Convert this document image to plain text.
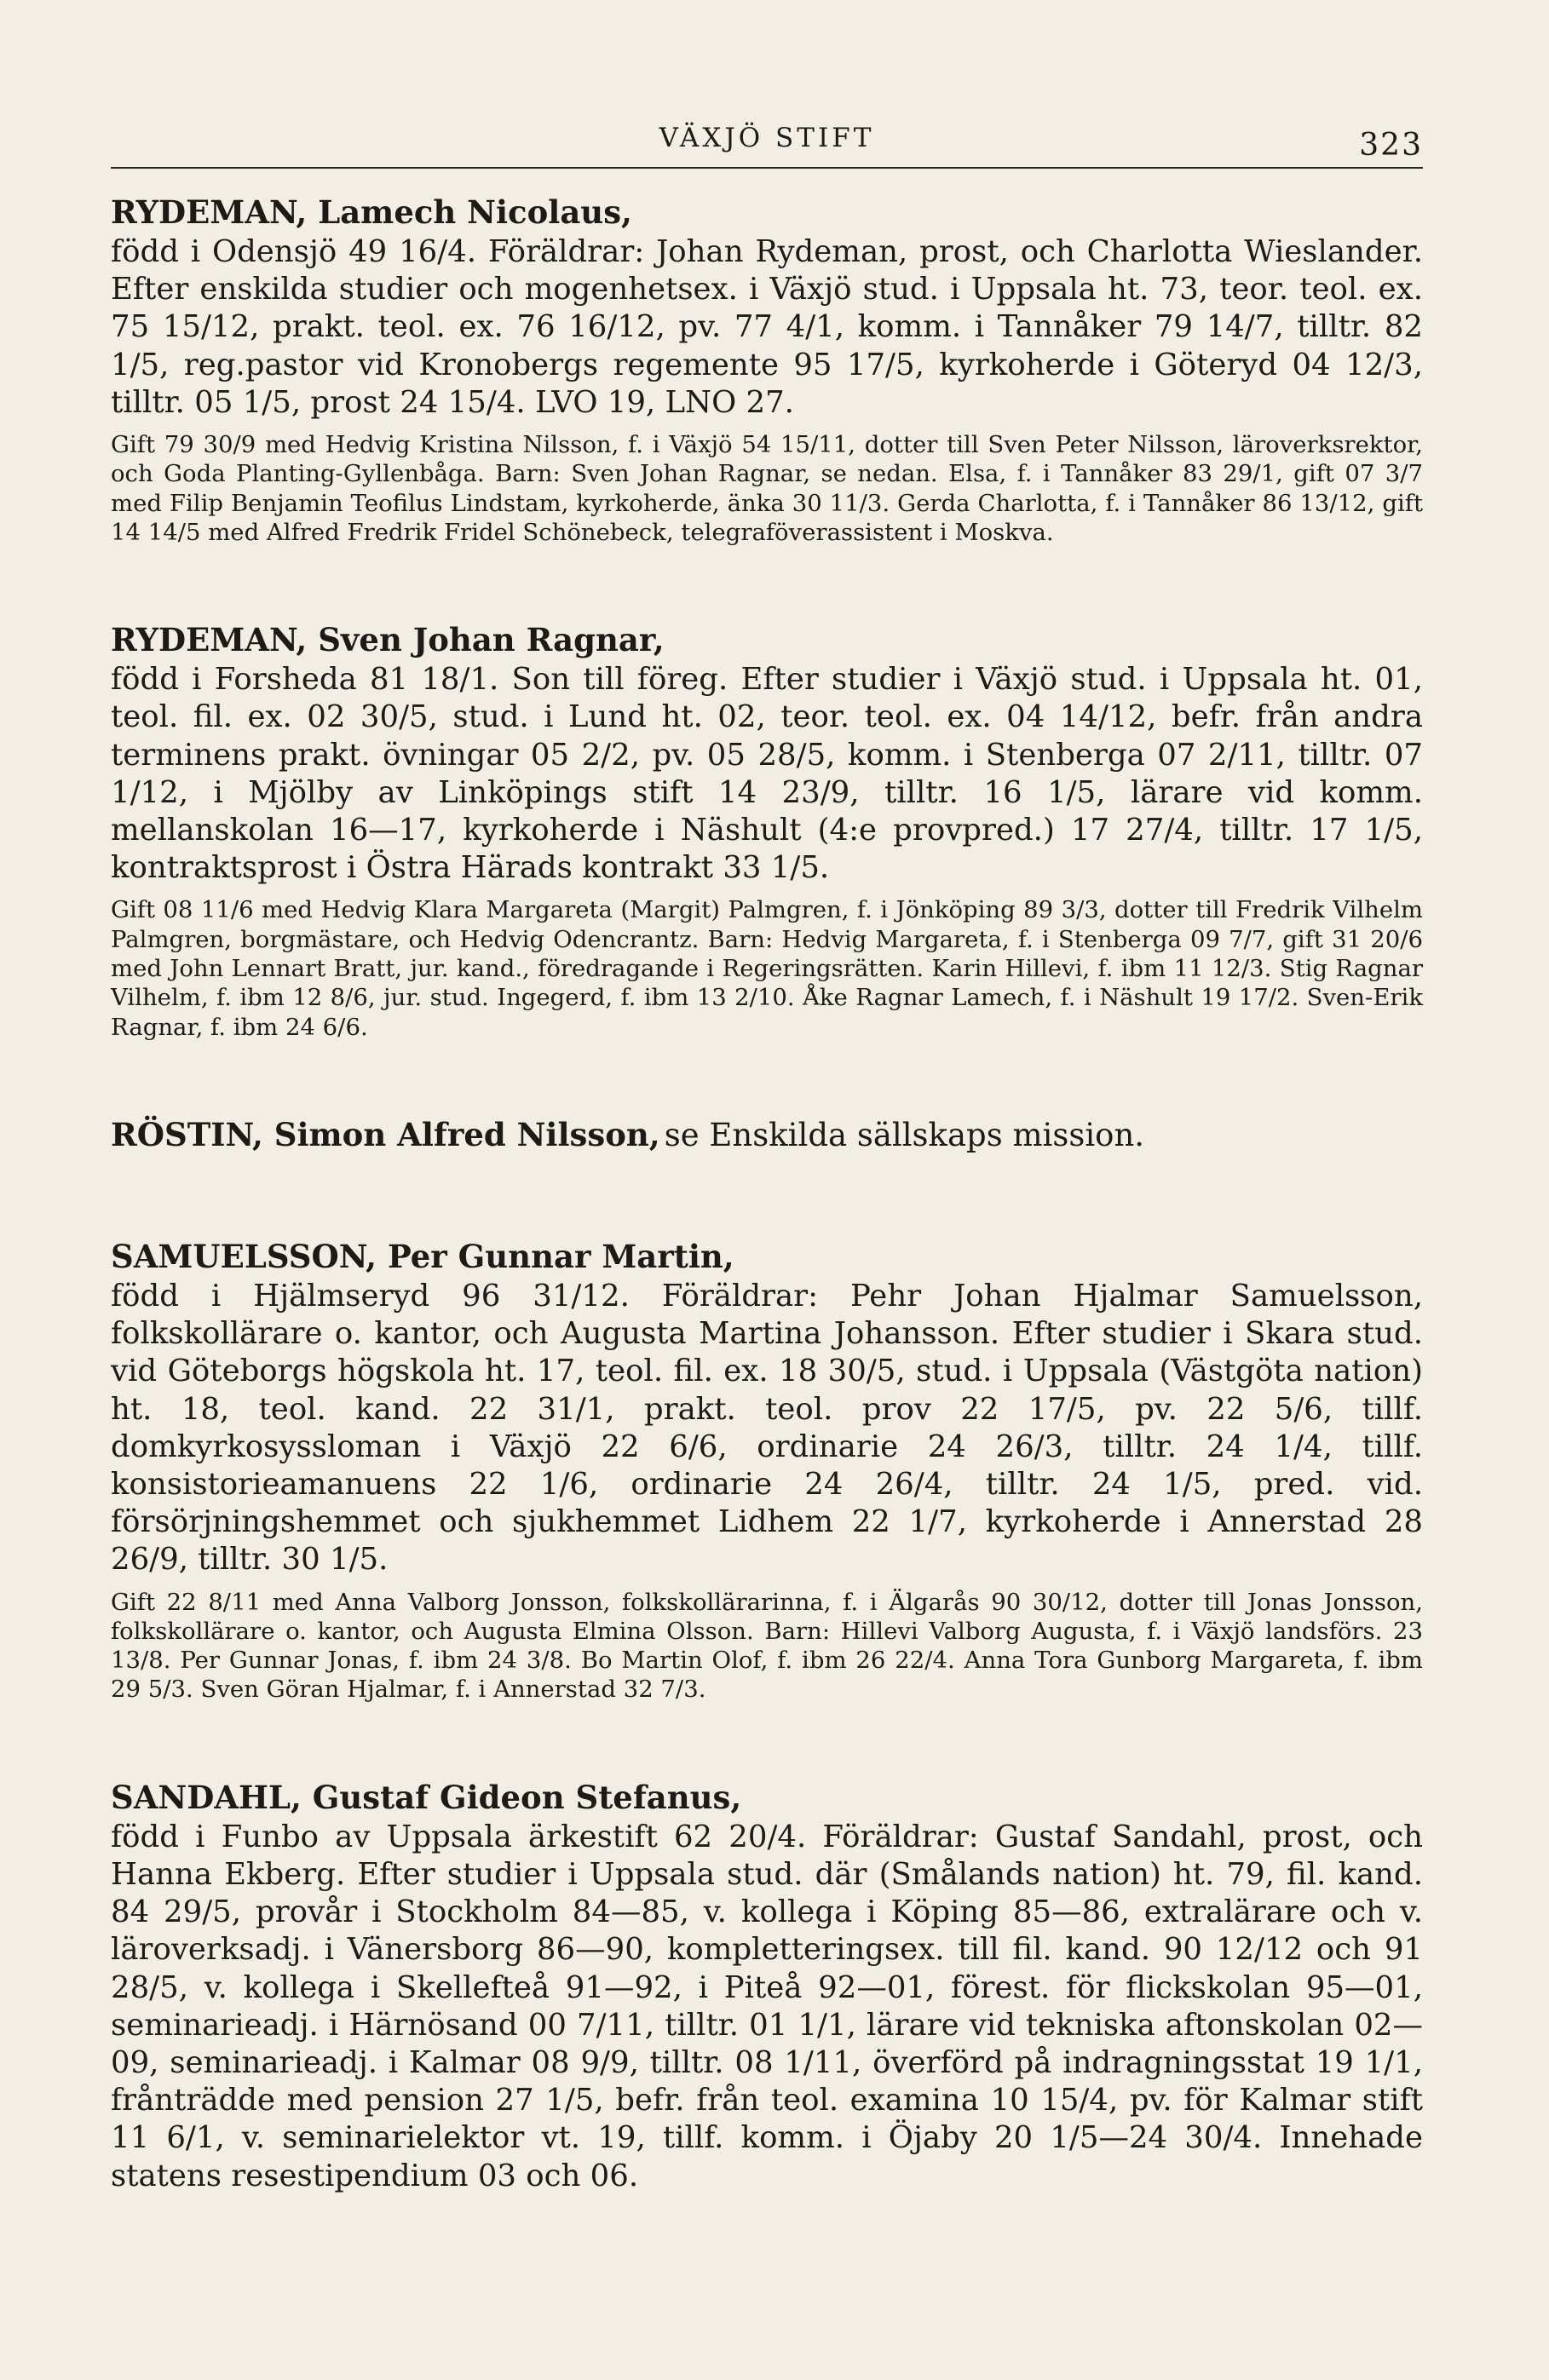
VÄXJÖ STIFT	323
RYDEMAN, Lamech Nicolaus,
född i Odensjö 49 16/4. Föräldrar: Johan Rydeman, prost, och Charlotta Wieslander. Efter enskilda studier och mogenhetsex. i Växjö stud. i Uppsala ht. 73, teor. teol. ex. 75 15/12, prakt. teol. ex. 76 16/12, pv. 77 4/1, komm. i Tannåker 79 14/7, tilltr. 82 1/5, reg.pastor vid Kronobergs regemente 95 17/5, kyrkoherde i Göteryd 04 12/3, tilltr. 05 1/5, prost 24 15/4. LVO 19, LNO 27.
Gift 79 30/9 med Hedvig Kristina Nilsson, f. i Växjö 54 15/11, dotter till Sven Peter Nilsson, läroverksrektor, och Goda Planting-Gyllenbåga. Barn: Sven Johan Ragnar, se nedan. Elsa, f. i Tannåker 83 29/1, gift 07 3/7 med Filip Benjamin Teofilus Lindstam, kyrkoherde, änka 30 11/3. Gerda Charlotta, f. i Tannåker 86 13/12, gift 14 14/5 med Alfred Fredrik Fridel Schönebeck, telegraföverassistent i Moskva.
RYDEMAN, Sven Johan Ragnar,
född i Forsheda 81 18/1. Son till föreg. Efter studier i Växjö stud. i Uppsala ht. 01, teol. fil. ex. 02 30/5, stud. i Lund ht. 02, teor. teol. ex. 04 14/12, befr. från andra terminens prakt. övningar 05 2/2, pv. 05 28/5, komm. i Stenberga 07 2/11, tilltr. 07 1/12, i Mjölby av Linköpings stift 14 23/9, tilltr. 16 1/5, lärare vid komm. mellanskolan 16—17, kyrkoherde i Näshult (4:e provpred.) 17 27/4, tilltr. 17 1/5, kontraktsprost i Östra Härads kontrakt 33 1/5.
Gift 08 11/6 med Hedvig Klara Margareta (Margit) Palmgren, f. i Jönköping 89 3/3, dotter till Fredrik Vilhelm Palmgren, borgmästare, och Hedvig Odencrantz. Barn: Hedvig Margareta, f. i Stenberga 09 7/7, gift 31 20/6 med John Lennart Bratt, jur. kand., föredragande i Regeringsrätten. Karin Hillevi, f. ibm 11 12/3. Stig Ragnar Vilhelm, f. ibm 12 8/6, jur. stud. Ingegerd, f. ibm 13 2/10. Åke Ragnar Lamech, f. i Näshult 19 17/2. Sven-Erik Ragnar, f. ibm 24 6/6.
RÖSTIN, Simon Alfred Nilsson, se Enskilda sällskaps mission.
SAMUELSSON, Per Gunnar Martin,
född i Hjälmseryd 96 31/12. Föräldrar: Pehr Johan Hjalmar Samuelsson, folkskollärare o. kantor, och Augusta Martina Johansson. Efter studier i Skara stud. vid Göteborgs högskola ht. 17, teol. fil. ex. 18 30/5, stud. i Uppsala (Västgöta nation) ht. 18, teol. kand. 22 31/1, prakt. teol. prov 22 17/5, pv. 22 5/6, tillf. domkyrkosyssloman i Växjö 22 6/6, ordinarie 24 26/3, tilltr. 24 1/4, tillf. konsistorieamanuens 22 1/6, ordinarie 24 26/4, tilltr. 24 1/5, pred. vid. försörjningshemmet och sjukhemmet Lidhem 22 1/7, kyrkoherde i Annerstad 28 26/9, tilltr. 30 1/5.
Gift 22 8/11 med Anna Valborg Jonsson, folkskollärarinna, f. i Älgarås 90 30/12, dotter till Jonas Jonsson, folkskollärare o. kantor, och Augusta Elmina Olsson. Barn: Hillevi Valborg Augusta, f. i Växjö landsförs. 23 13/8. Per Gunnar Jonas, f. ibm 24 3/8. Bo Martin Olof, f. ibm 26 22/4. Anna Tora Gunborg Margareta, f. ibm 29 5/3. Sven Göran Hjalmar, f. i Annerstad 32 7/3.
SANDAHL, Gustaf Gideon Stefanus,
född i Funbo av Uppsala ärkestift 62 20/4. Föräldrar: Gustaf Sandahl, prost, och Hanna Ekberg. Efter studier i Uppsala stud. där (Smålands nation) ht. 79, fil. kand. 84 29/5, provår i Stockholm 84—85, v. kollega i Köping 85—86, extralärare och v. läroverksadj. i Vänersborg 86—90, kompletteringsex. till fil. kand. 90 12/12 och 91 28/5, v. kollega i Skellefteå 91—92, i Piteå 92—01, förest. för flickskolan 95—01, seminarieadj. i Härnösand 00 7/11, tilltr. 01 1/1, lärare vid tekniska aftonskolan 02—09, seminarieadj. i Kalmar 08 9/9, tilltr. 08 1/11, överförd på indragningsstat 19 1/1, frånträdde med pension 27 1/5, befr. från teol. examina 10 15/4, pv. för Kalmar stift 11 6/1, v. seminarielektor vt. 19, tillf. komm. i Öjaby 20 1/5—24 30/4. Innehade statens resestipendium 03 och 06.
